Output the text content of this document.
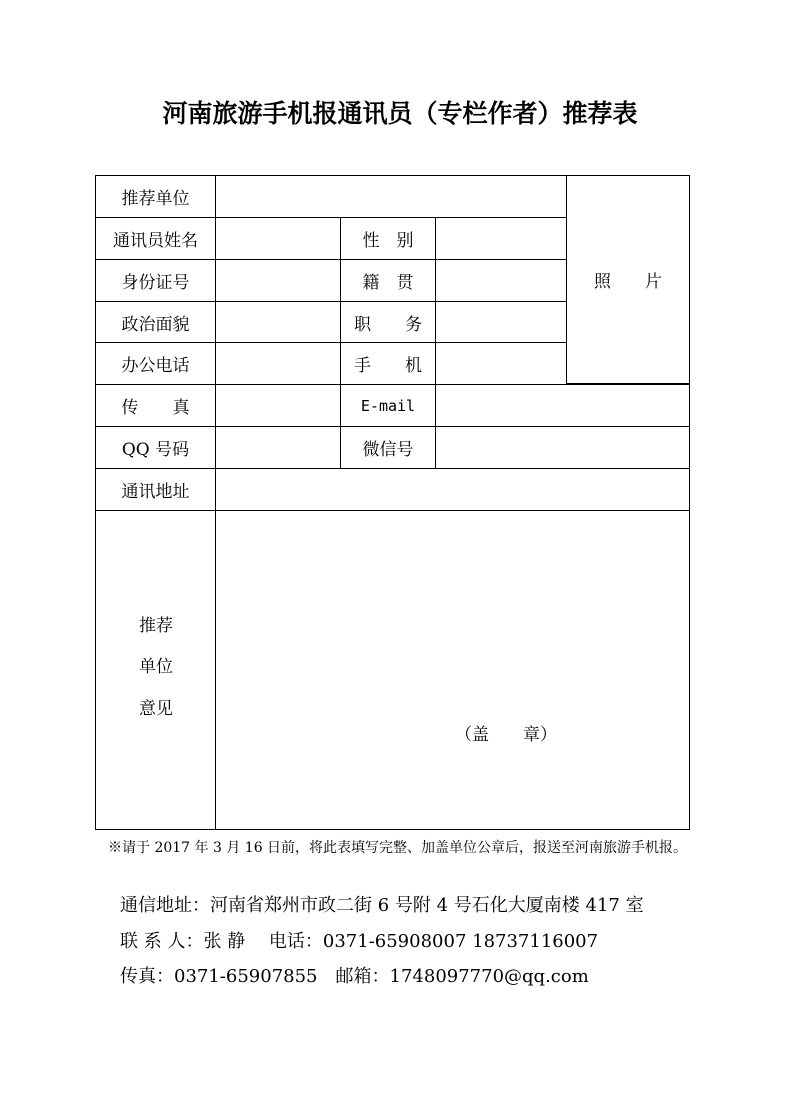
河南旅游手机报通讯员（专栏作者）推荐表
推荐单位
照　　片
通讯员姓名	性　别
身份证号	籍　贯
政治面貌	职　　务
办公电话	手　　机
传　　真	E-mail
QQ 号码	微信号
通讯地址
推荐
单位
意见
（盖　　章）
※请于 2017 年 3 月 16 日前，将此表填写完整、加盖单位公章后，报送至河南旅游手机报。
通信地址：河南省郑州市政二街 6 号附 4 号石化大厦南楼 417 室
联 系 人：张 静　 电话：0371-65908007 18737116007
传真：0371-65907855　邮箱：1748097770@qq.com
